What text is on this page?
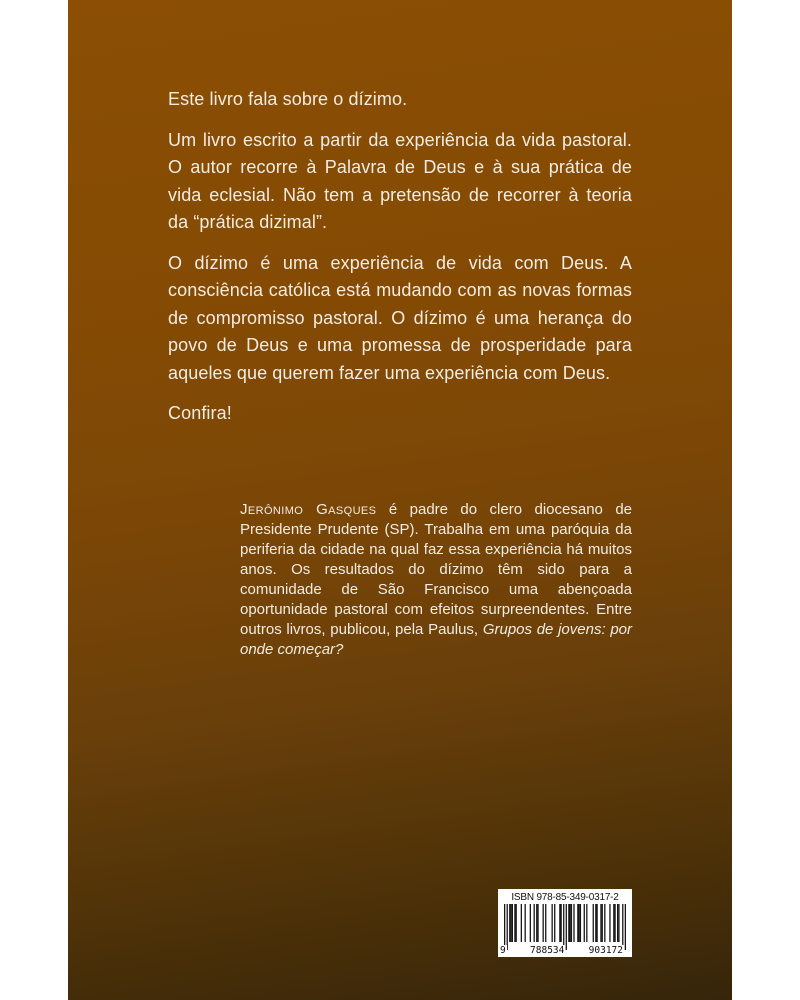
Este livro fala sobre o dízimo.

Um livro escrito a partir da experiência da vida pastoral. O autor recorre à Palavra de Deus e à sua prática de vida eclesial. Não tem a pretensão de recorrer à teoria da “prática dizimal”.

O dízimo é uma experiência de vida com Deus. A consciência católica está mudando com as novas formas de compromisso pastoral. O dízimo é uma herança do povo de Deus e uma promessa de prosperidade para aqueles que querem fazer uma experiência com Deus.

Confira!

Jerônimo Gasques é padre do clero diocesano de Presidente Prudente (SP). Trabalha em uma paróquia da periferia da cidade na qual faz essa experiência há muitos anos. Os resultados do dízimo têm sido para a comunidade de São Francisco uma abençoada oportunidade pastoral com efeitos surpreendentes. Entre outros livros, publicou, pela Paulus, Grupos de jovens: por onde começar?
ISBN 978-85-349-0317-2
9	788534	903172
